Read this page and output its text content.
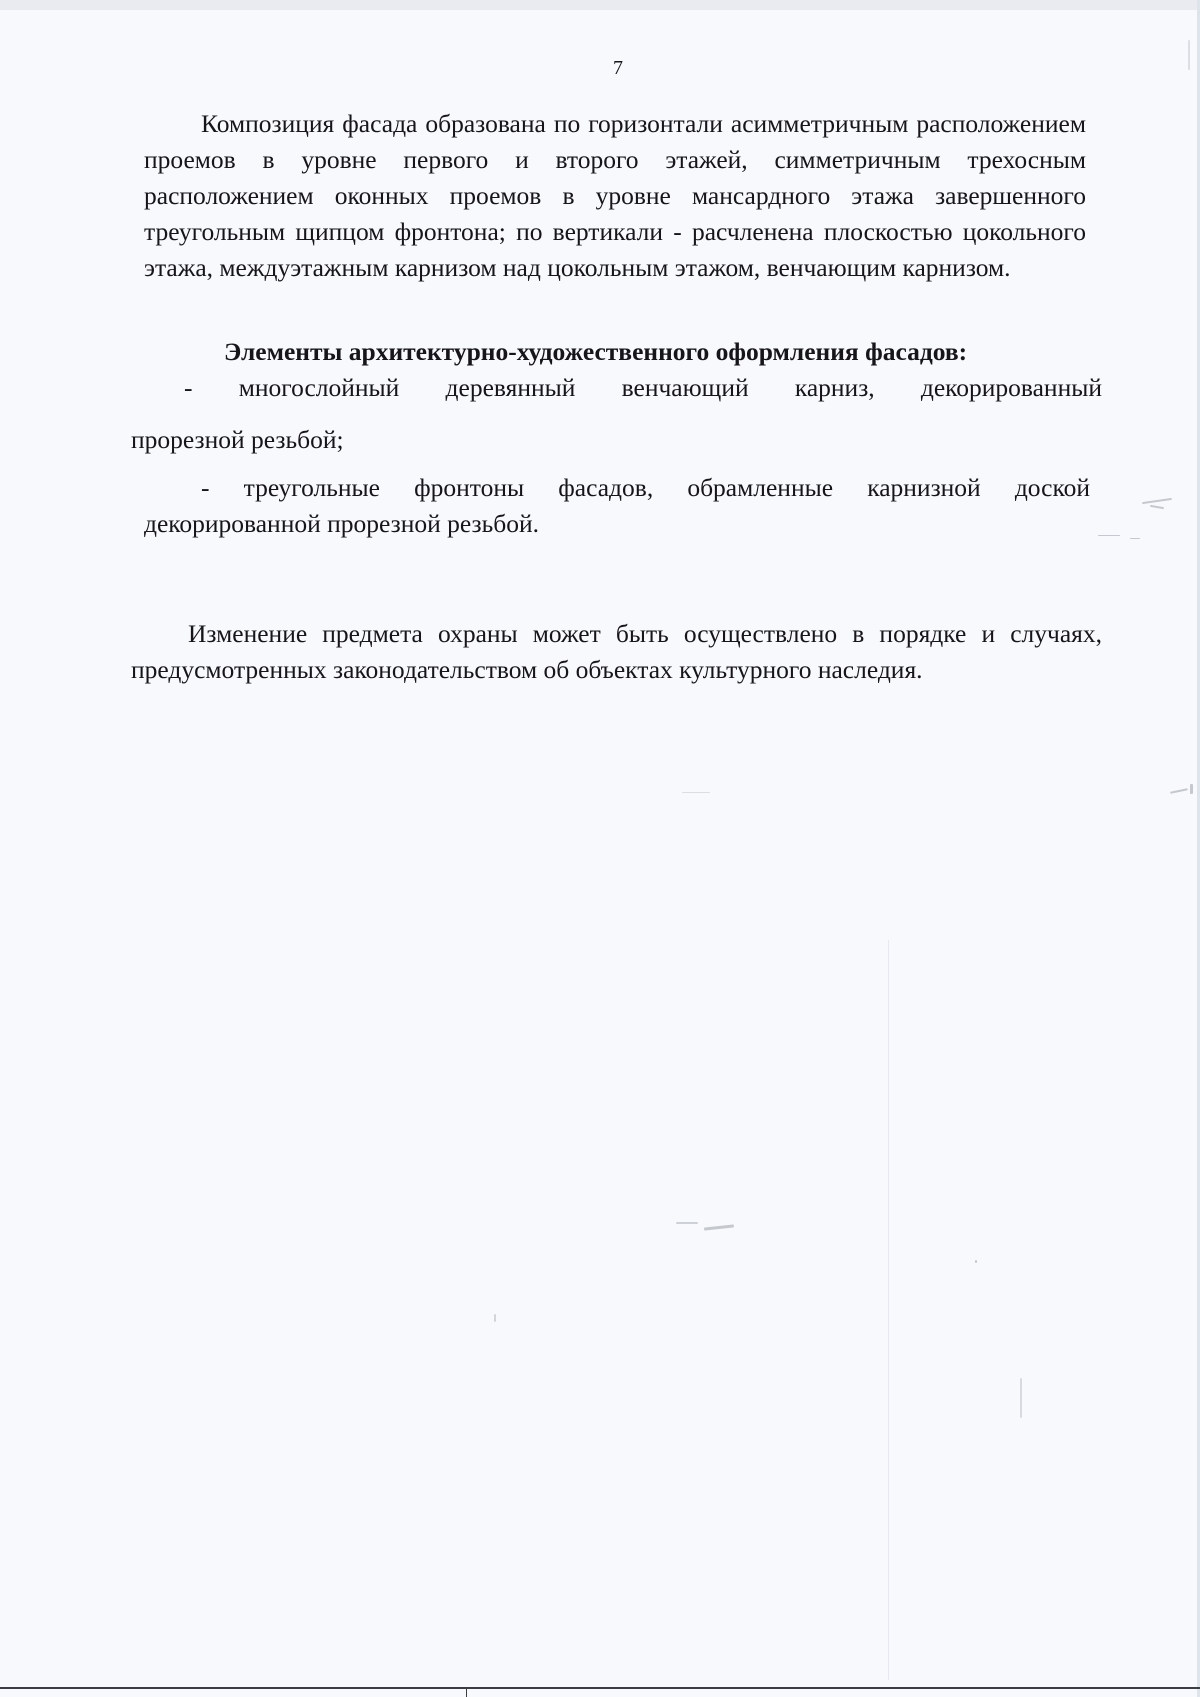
7

Композиция фасада образована по горизонтали асимметричным расположением проемов в уровне первого и второго этажей, симметричным трехосным расположением оконных проемов в уровне мансардного этажа завершенного треугольным щипцом фронтона; по вертикали - расчленена плоскостью цокольного этажа, междуэтажным карнизом над цокольным этажом, венчающим карнизом.

Элементы архитектурно-художественного оформления фасадов:

- многослойный деревянный венчающий карниз, декорированный

прорезной резьбой;

- треугольные фронтоны фасадов, обрамленные карнизной доской декорированной прорезной резьбой.

Изменение предмета охраны может быть осуществлено в порядке и случаях, предусмотренных законодательством об объектах культурного наследия.
